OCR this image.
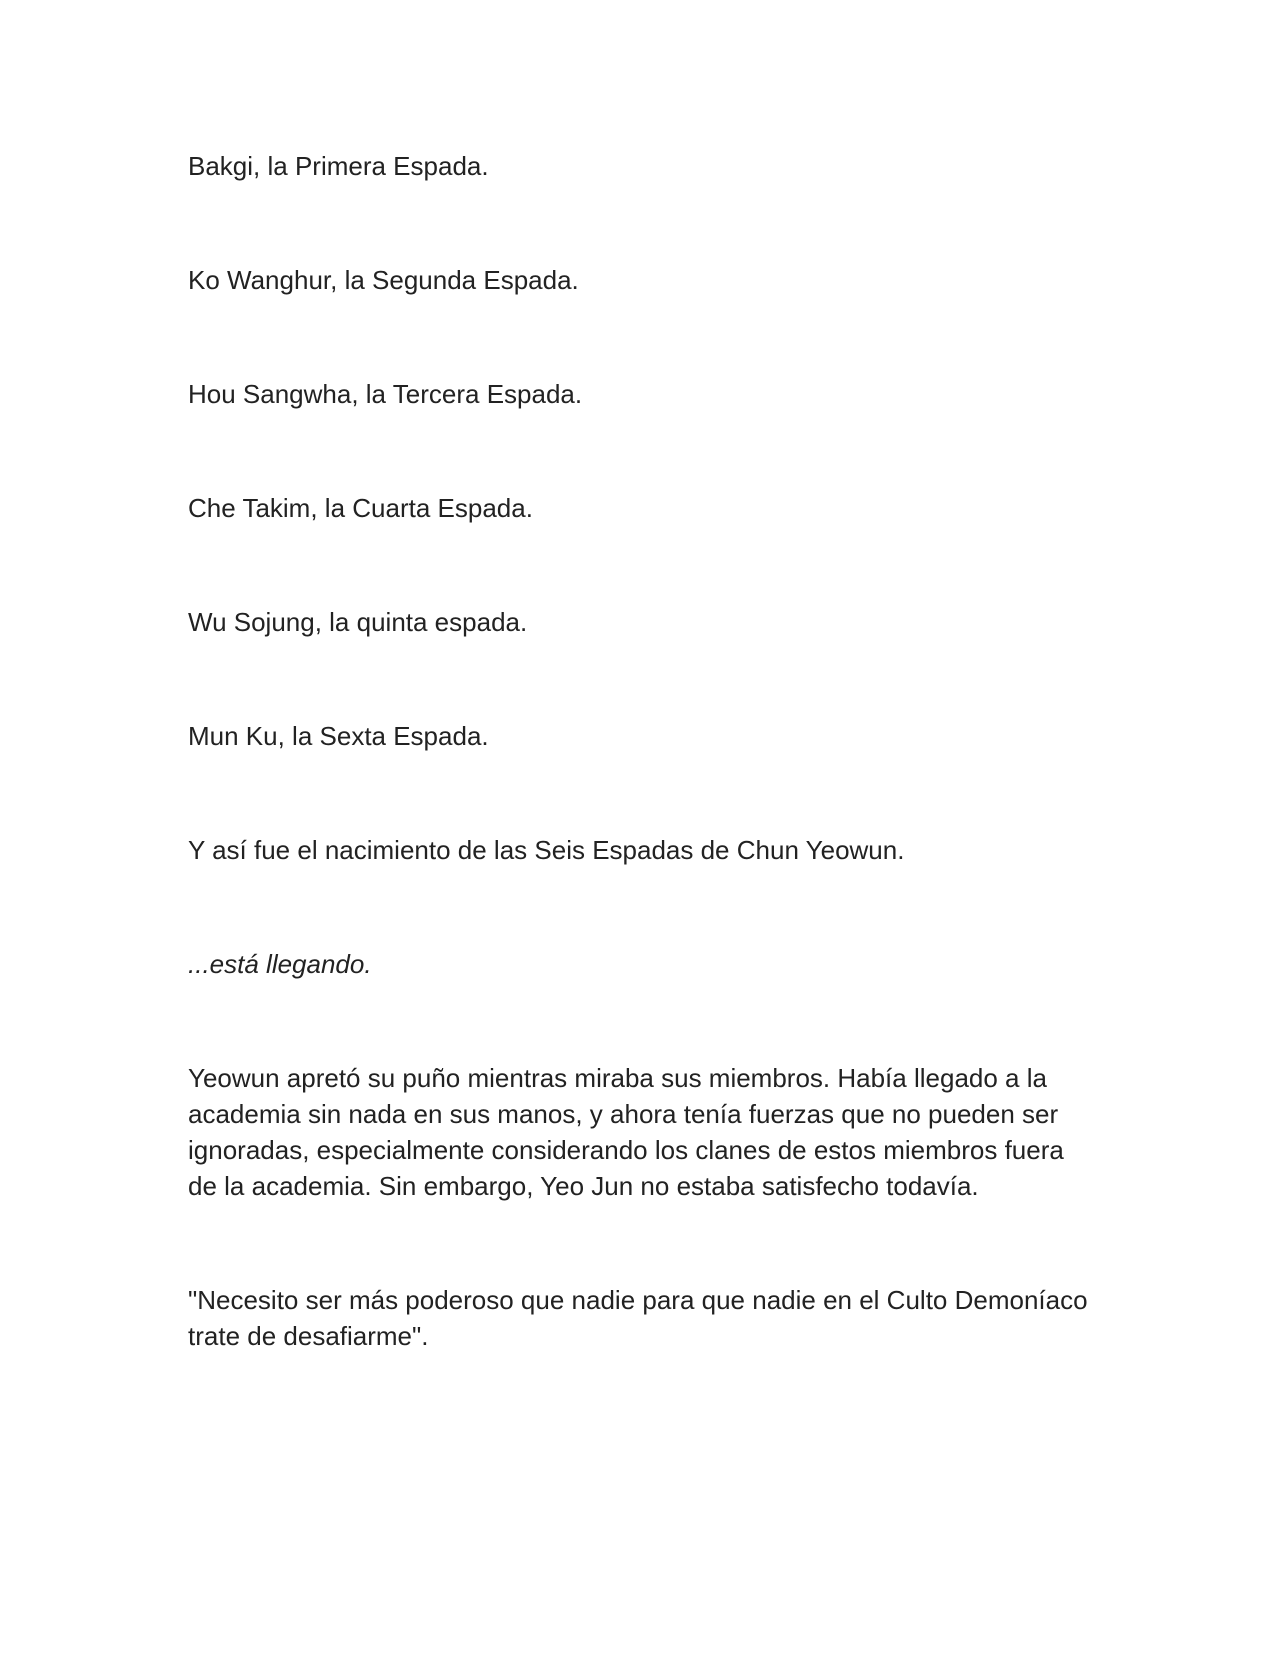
Bakgi, la Primera Espada.

Ko Wanghur, la Segunda Espada.

Hou Sangwha, la Tercera Espada.

Che Takim, la Cuarta Espada.

Wu Sojung, la quinta espada.

Mun Ku, la Sexta Espada.

Y así fue el nacimiento de las Seis Espadas de Chun Yeowun.

...está llegando.

Yeowun apretó su puño mientras miraba sus miembros. Había llegado a la academia sin nada en sus manos, y ahora tenía fuerzas que no pueden ser ignoradas, especialmente considerando los clanes de estos miembros fuera de la academia. Sin embargo, Yeo Jun no estaba satisfecho todavía.

"Necesito ser más poderoso que nadie para que nadie en el Culto Demoníaco trate de desafiarme".
